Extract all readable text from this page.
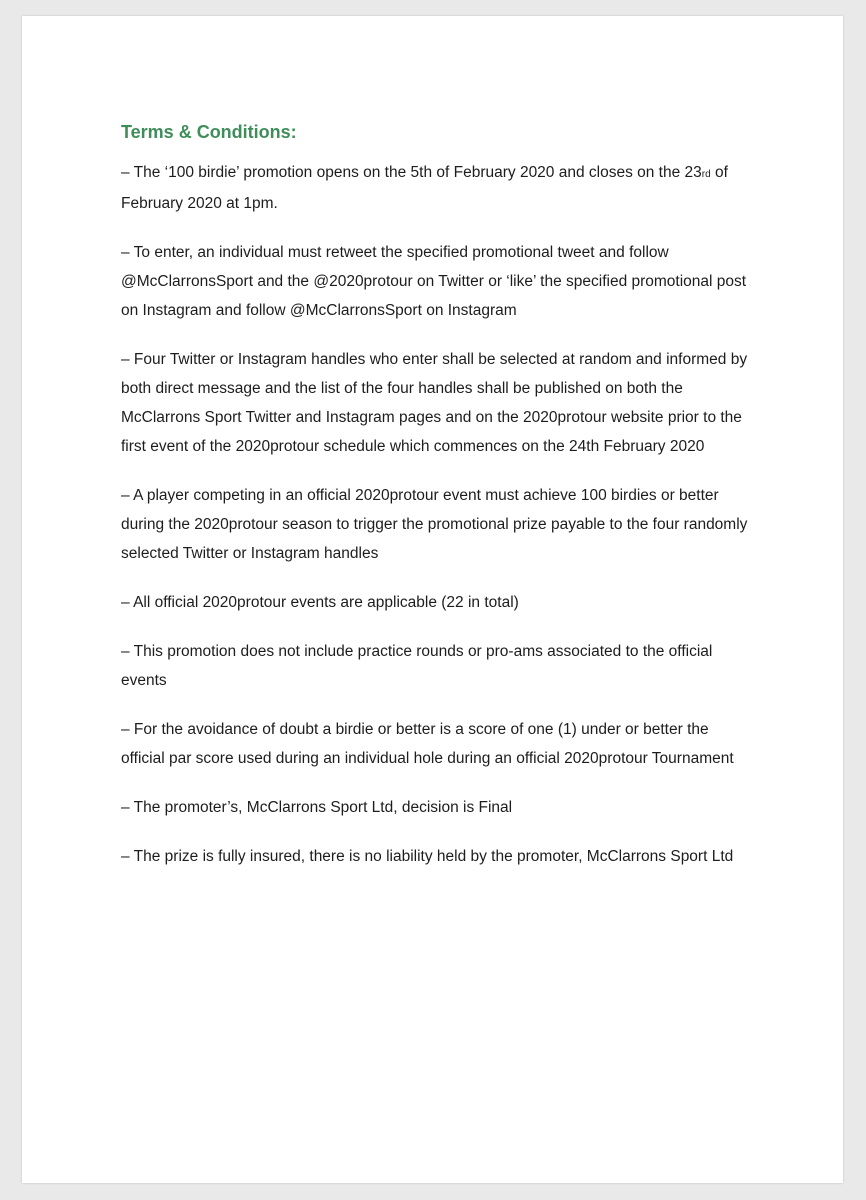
Terms & Conditions:

– The ‘100 birdie’ promotion opens on the 5th of February 2020 and closes on the 23rd of February 2020 at 1pm.

– To enter, an individual must retweet the specified promotional tweet and follow @McClarronsSport and the @2020protour on Twitter or ‘like’ the specified promotional post on Instagram and follow @McClarronsSport on Instagram

– Four Twitter or Instagram handles who enter shall be selected at random and informed by both direct message and the list of the four handles shall be published on both the McClarrons Sport Twitter and Instagram pages and on the 2020protour website prior to the first event of the 2020protour schedule which commences on the 24th February 2020

– A player competing in an official 2020protour event must achieve 100 birdies or better during the 2020protour season to trigger the promotional prize payable to the four randomly selected Twitter or Instagram handles

– All official 2020protour events are applicable (22 in total)

– This promotion does not include practice rounds or pro-ams associated to the official events

– For the avoidance of doubt a birdie or better is a score of one (1) under or better the official par score used during an individual hole during an official 2020protour Tournament

– The promoter’s, McClarrons Sport Ltd, decision is Final

– The prize is fully insured, there is no liability held by the promoter, McClarrons Sport Ltd
